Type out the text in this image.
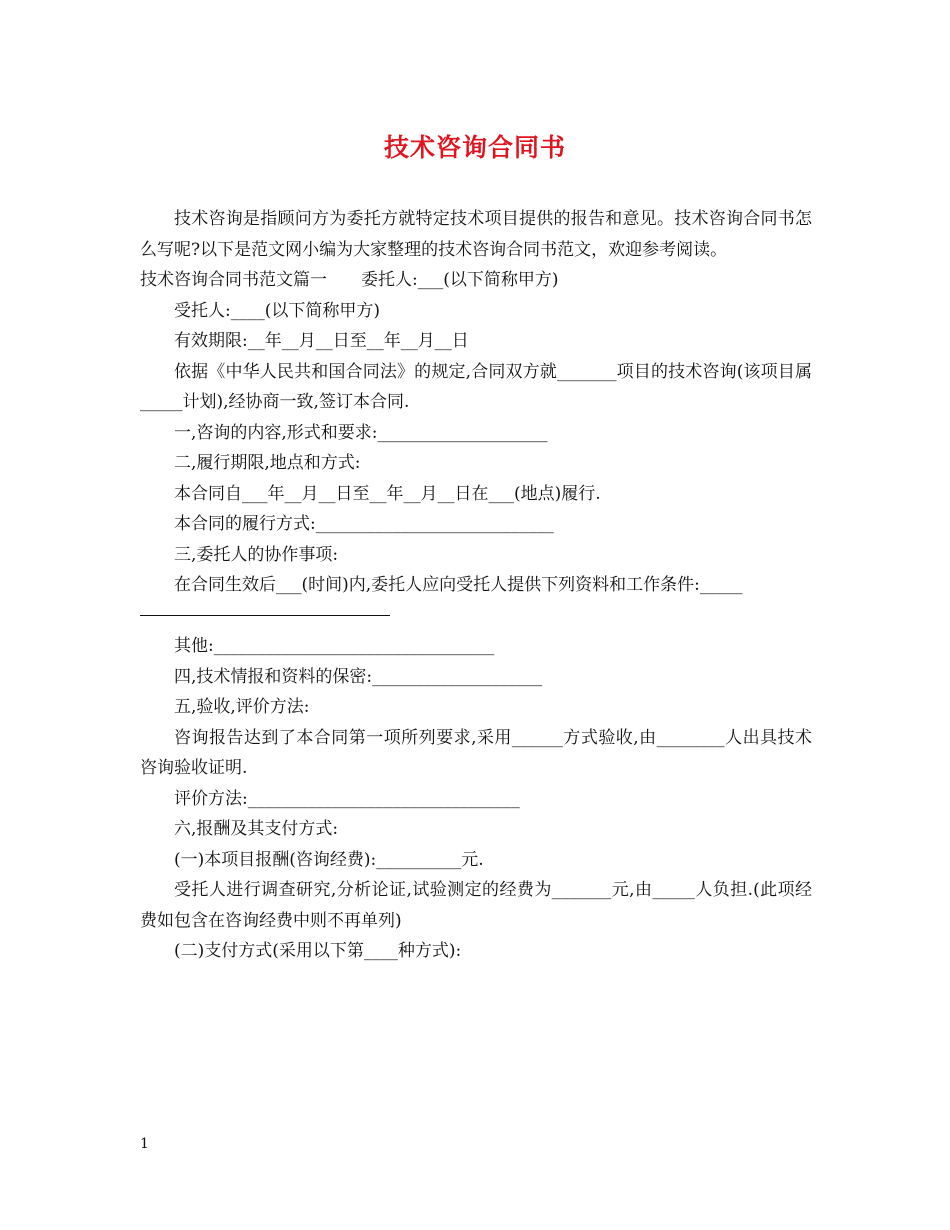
技术咨询合同书

技术咨询是指顾问方为委托方就特定技术项目提供的报告和意见。技术咨询合同书怎么写呢?以下是范文网小编为大家整理的技术咨询合同书范文，欢迎参考阅读。

技术咨询合同书范文篇一　　委托人:___(以下简称甲方)

受托人:____(以下简称甲方)

有效期限:__年__月__日至__年__月__日

依据《中华人民共和国合同法》的规定,合同双方就_______项目的技术咨询(该项目属_____计划),经协商一致,签订本合同.

一,咨询的内容,形式和要求:____________________

二,履行期限,地点和方式:

本合同自___年__月__日至__年__月__日在___(地点)履行.

本合同的履行方式:____________________________

三,委托人的协作事项:

在合同生效后___(时间)内,委托人应向受托人提供下列资料和工作条件:_____

其他:_________________________________

四,技术情报和资料的保密:____________________

五,验收,评价方法:

咨询报告达到了本合同第一项所列要求,采用______方式验收,由________人出具技术咨询验收证明.

评价方法:________________________________

六,报酬及其支付方式:

(一)本项目报酬(咨询经费):__________元.

受托人进行调查研究,分析论证,试验测定的经费为_______元,由_____人负担.(此项经费如包含在咨询经费中则不再单列)

(二)支付方式(采用以下第____种方式):

1
